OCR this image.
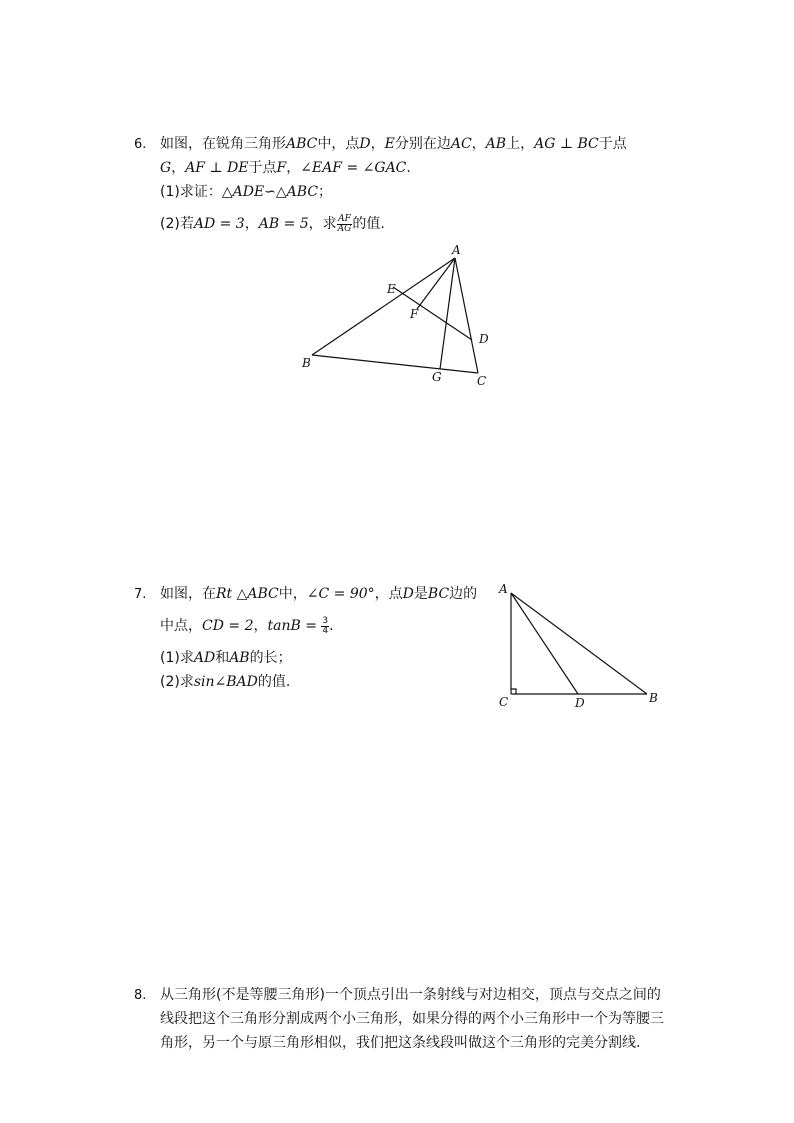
6. 如图，在锐角三角形ABC中，点D，E分别在边AC，AB上，AG ⊥ BC于点
G，AF ⊥ DE于点F，∠EAF = ∠GAC.
(1)求证：△ADE∽△ABC；
(2)若AD = 3，AB = 5，求 $\frac{AF}{AG}$ 的值.
A
E
F
D
B
G	C
7. 如图，在Rt △ABC中，∠C = 90°，点D是BC边的
中点，CD = 2，$\tan B = \frac{3}{4}$ .
(1)求AD和AB的长；
(2)求sin∠BAD的值.
A
C	D	B
8. 从三角形(不是等腰三角形)一个顶点引出一条射线与对边相交，顶点与交点之间的
线段把这个三角形分割成两个小三角形，如果分得的两个小三角形中一个为等腰三
角形，另一个与原三角形相似，我们把这条线段叫做这个三角形的完美分割线.
